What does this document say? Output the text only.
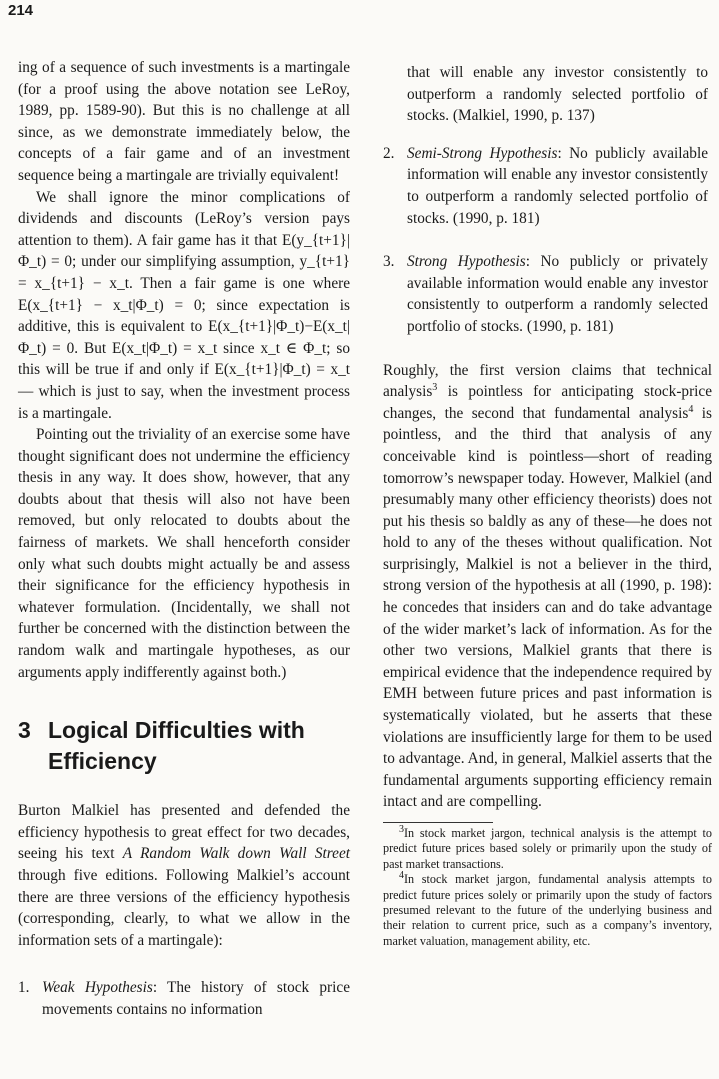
214

ing of a sequence of such investments is a martingale (for a proof using the above notation see LeRoy, 1989, pp. 1589-90). But this is no challenge at all since, as we demonstrate immediately below, the concepts of a fair game and of an investment sequence being a martingale are trivially equivalent!

We shall ignore the minor complications of dividends and discounts (LeRoy’s version pays attention to them). A fair game has it that E(y_{t+1}|Φ_t) = 0; under our simplifying assumption, y_{t+1} = x_{t+1} − x_t. Then a fair game is one where E(x_{t+1} − x_t|Φ_t) = 0; since expectation is additive, this is equivalent to E(x_{t+1}|Φ_t)−E(x_t|Φ_t) = 0. But E(x_t|Φ_t) = x_t since x_t ∈ Φ_t; so this will be true if and only if E(x_{t+1}|Φ_t) = x_t — which is just to say, when the investment process is a martingale.

Pointing out the triviality of an exercise some have thought significant does not undermine the efficiency thesis in any way. It does show, however, that any doubts about that thesis will also not have been removed, but only relocated to doubts about the fairness of markets. We shall henceforth consider only what such doubts might actually be and assess their significance for the efficiency hypothesis in whatever formulation. (Incidentally, we shall not further be concerned with the distinction between the random walk and martingale hypotheses, as our arguments apply indifferently against both.)

3 Logical Difficulties with Efficiency

Burton Malkiel has presented and defended the efficiency hypothesis to great effect for two decades, seeing his text A Random Walk down Wall Street through five editions. Following Malkiel’s account there are three versions of the efficiency hypothesis (corresponding, clearly, to what we allow in the information sets of a martingale):

1. Weak Hypothesis: The history of stock price movements contains no information
that will enable any investor consistently to outperform a randomly selected portfolio of stocks. (Malkiel, 1990, p. 137)
2. Semi-Strong Hypothesis: No publicly available information will enable any investor consistently to outperform a randomly selected portfolio of stocks. (1990, p. 181)
3. Strong Hypothesis: No publicly or privately available information would enable any investor consistently to outperform a randomly selected portfolio of stocks. (1990, p. 181)

Roughly, the first version claims that technical analysis$^3$ is pointless for anticipating stock-price changes, the second that fundamental analysis$^4$ is pointless, and the third that analysis of any conceivable kind is pointless—short of reading tomorrow’s newspaper today. However, Malkiel (and presumably many other efficiency theorists) does not put his thesis so baldly as any of these—he does not hold to any of the theses without qualification. Not surprisingly, Malkiel is not a believer in the third, strong version of the hypothesis at all (1990, p. 198): he concedes that insiders can and do take advantage of the wider market’s lack of information. As for the other two versions, Malkiel grants that there is empirical evidence that the independence required by EMH between future prices and past information is systematically violated, but he asserts that these violations are insufficiently large for them to be used to advantage. And, in general, Malkiel asserts that the fundamental arguments supporting efficiency remain intact and are compelling.

$^3$In stock market jargon, technical analysis is the attempt to predict future prices based solely or primarily upon the study of past market transactions.

$^4$In stock market jargon, fundamental analysis attempts to predict future prices solely or primarily upon the study of factors presumed relevant to the future of the underlying business and their relation to current price, such as a company’s inventory, market valuation, management ability, etc.
